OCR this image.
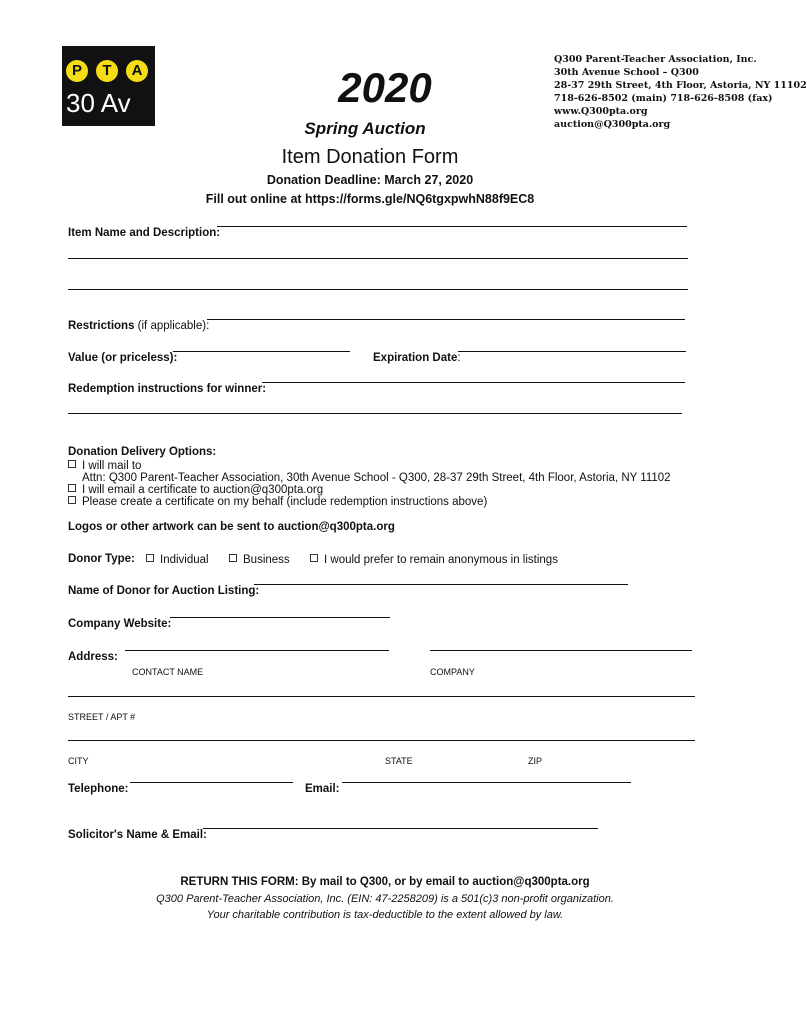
P	T	A
30 Av	2020
Spring Auction
Q300 Parent-Teacher Association, Inc.
30th Avenue School – Q300
28-37 29th Street, 4th Floor, Astoria, NY 11102
718-626-8502 (main) 718-626-8508 (fax)
www.Q300pta.org
auction@Q300pta.org
Item Donation Form
Donation Deadline: March 27, 2020
Fill out online at https://forms.gle/NQ6tgxpwhN88f9EC8
Item Name and Description:
Restrictions (if applicable):
Value (or priceless):	Expiration Date:
Redemption instructions for winner:
Donation Delivery Options:
I will mail to
Attn: Q300 Parent-Teacher Association, 30th Avenue School - Q300, 28-37 29th Street, 4th Floor, Astoria, NY 11102
I will email a certificate to auction@q300pta.org
Please create a certificate on my behalf (include redemption instructions above)
Logos or other artwork can be sent to auction@q300pta.org
Donor Type:	Individual	Business	I would prefer to remain anonymous in listings
Name of Donor for Auction Listing:
Company Website:
Address:
CONTACT NAME	COMPANY
STREET / APT #
CITY	STATE	ZIP
Telephone:	Email:
Solicitor's Name & Email:
RETURN THIS FORM: By mail to Q300, or by email to auction@q300pta.org
Q300 Parent-Teacher Association, Inc. (EIN: 47-2258209) is a 501(c)3 non-profit organization.
Your charitable contribution is tax-deductible to the extent allowed by law.
